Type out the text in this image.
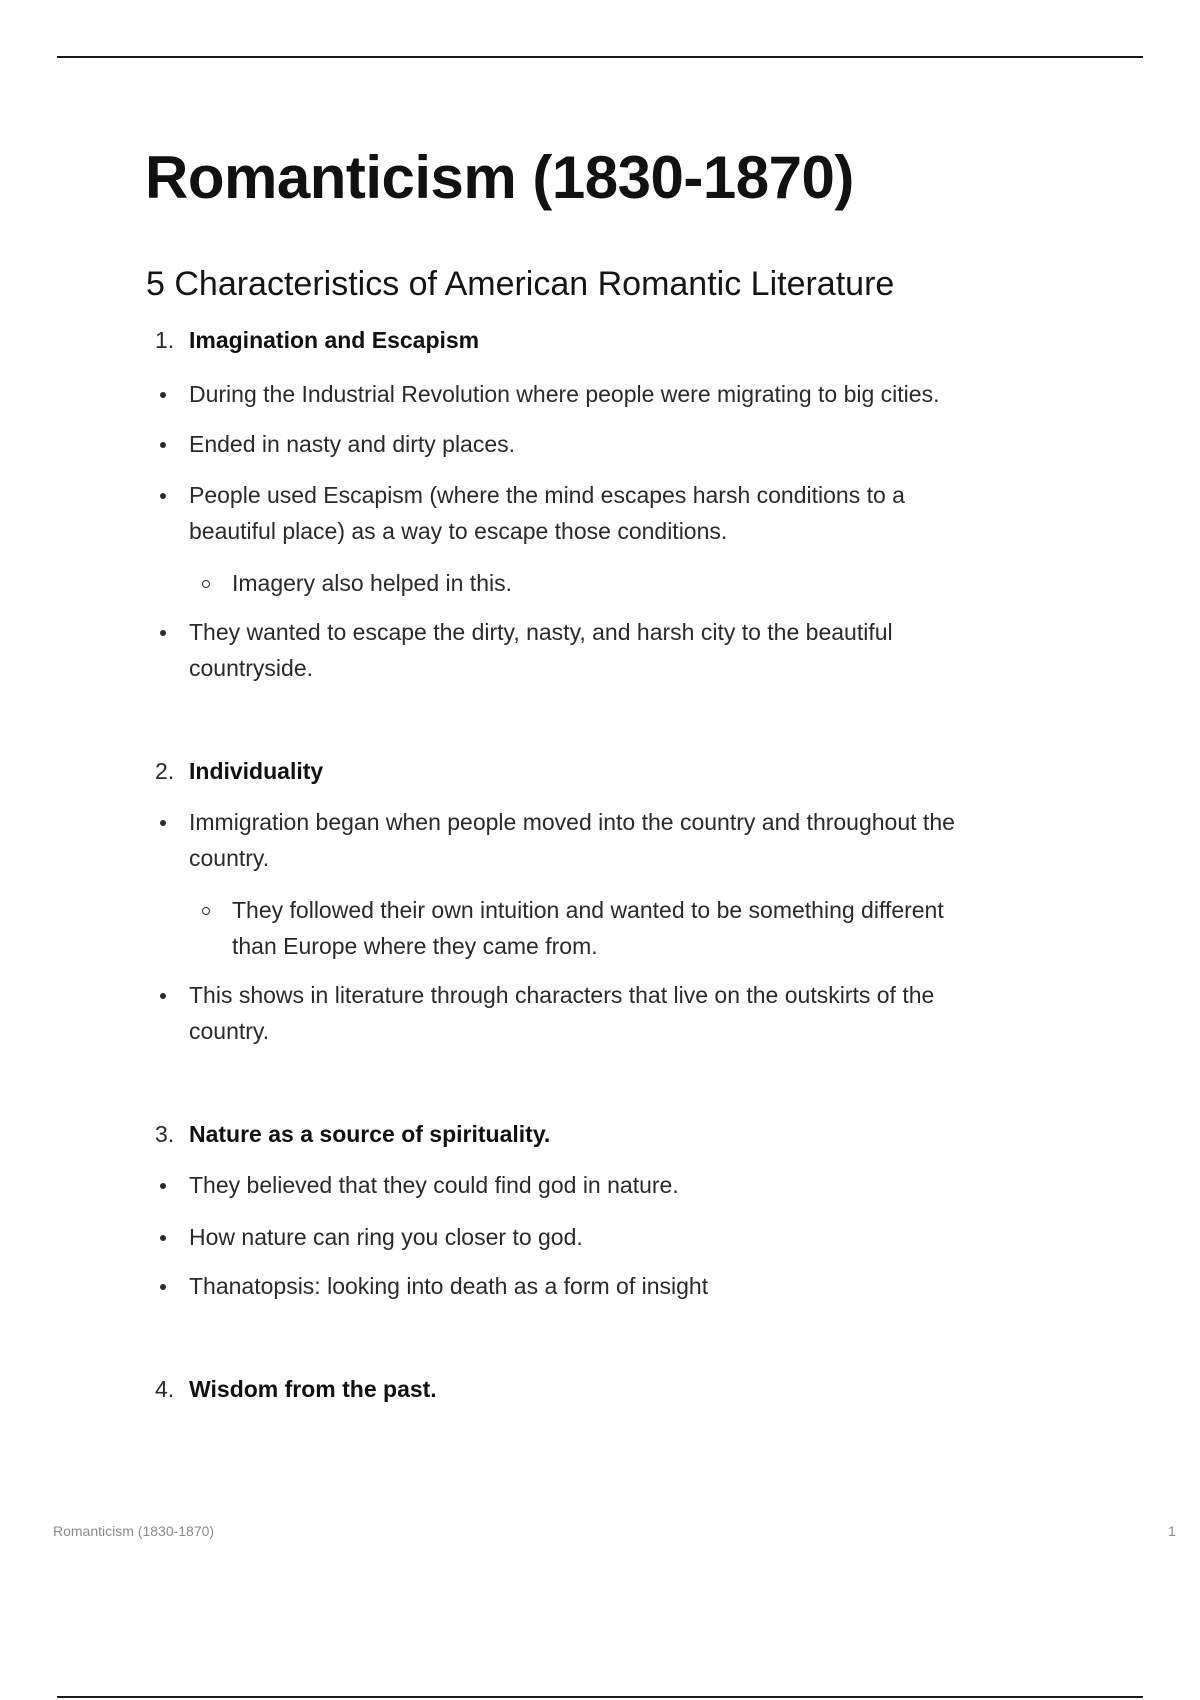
Romanticism (1830-1870)
5 Characteristics of American Romantic Literature
1. Imagination and Escapism
During the Industrial Revolution where people were migrating to big cities.
Ended in nasty and dirty places.
People used Escapism (where the mind escapes harsh conditions to a
beautiful place) as a way to escape those conditions.
Imagery also helped in this.
They wanted to escape the dirty, nasty, and harsh city to the beautiful
countryside.
2. Individuality
Immigration began when people moved into the country and throughout the
country.
They followed their own intuition and wanted to be something different
than Europe where they came from.
This shows in literature through characters that live on the outskirts of the
country.
3. Nature as a source of spirituality.
They believed that they could find god in nature.
How nature can ring you closer to god.
Thanatopsis: looking into death as a form of insight
4. Wisdom from the past.
Romanticism (1830-1870)	1
